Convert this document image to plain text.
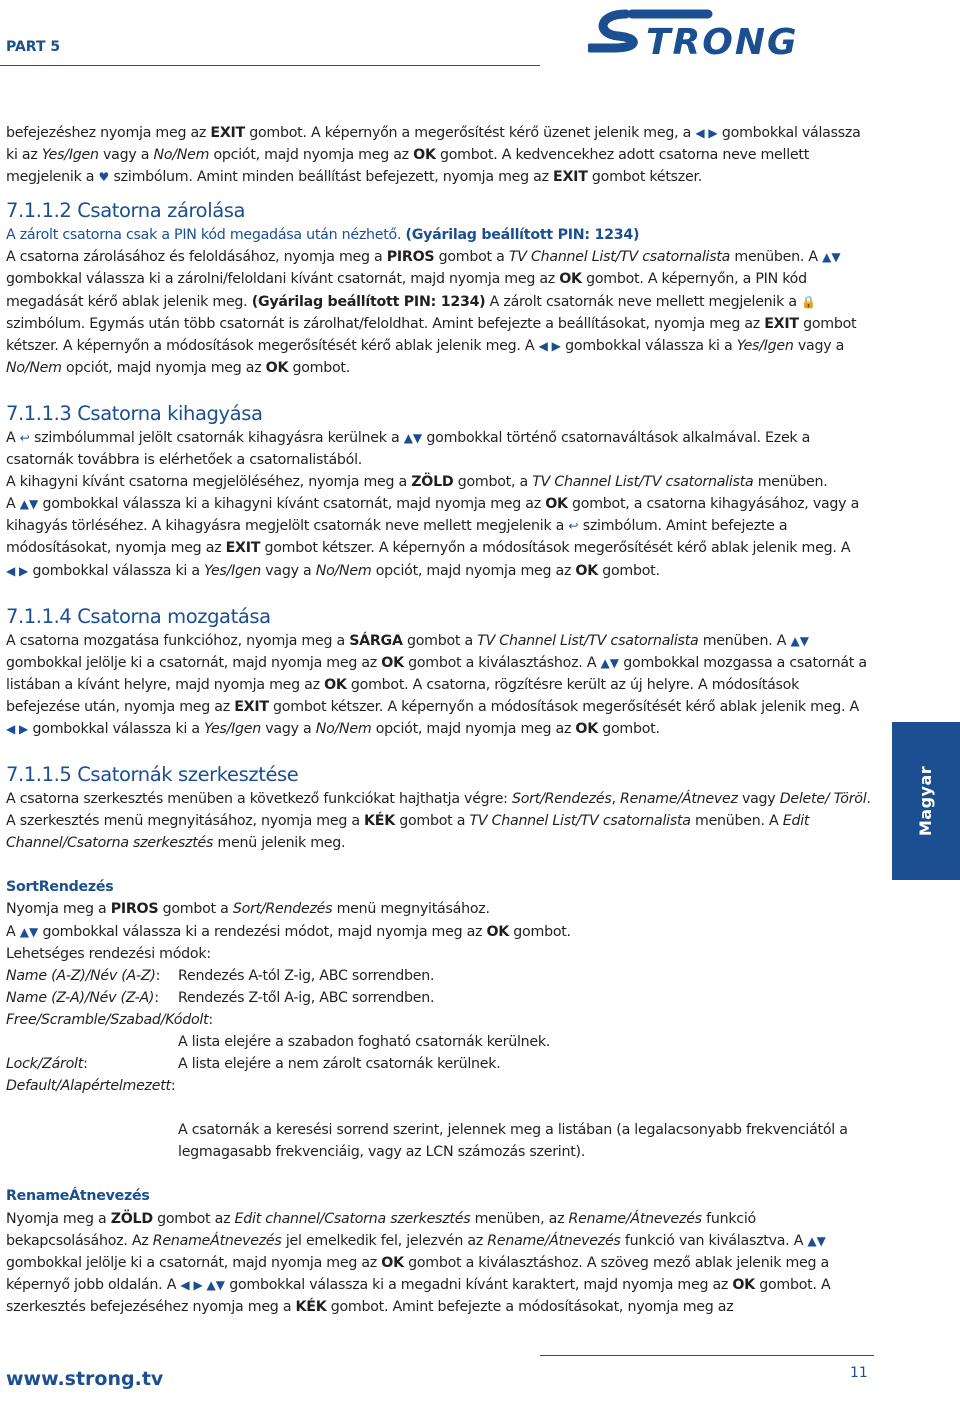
PART 5	TRONG

befejezéshez nyomja meg az EXIT gombot. A képernyőn a megerősítést kérő üzenet jelenik meg, a ◀ ▶ gombokkal válassza ki az Yes/Igen vagy a No/Nem opciót, majd nyomja meg az OK gombot. A kedvencekhez adott csatorna neve mellett megjelenik a ♥ szimbólum. Amint minden beállítást befejezett, nyomja meg az EXIT gombot kétszer.

7.1.1.2 Csatorna zárolása

A zárolt csatorna csak a PIN kód megadása után nézhető. (Gyárilag beállított PIN: 1234)

A csatorna zárolásához és feloldásához, nyomja meg a PIROS gombot a TV Channel List/TV csatornalista menüben. A ▲▼ gombokkal válassza ki a zárolni/feloldani kívánt csatornát, majd nyomja meg az OK gombot. A képernyőn, a PIN kód megadását kérő ablak jelenik meg. (Gyárilag beállított PIN: 1234) A zárolt csatornák neve mellett megjelenik a 🔒szimbólum. Egymás után több csatornát is zárolhat/feloldhat. Amint befejezte a beállításokat, nyomja meg az EXIT gombot kétszer. A képernyőn a módosítások megerősítését kérő ablak jelenik meg. A ◀ ▶ gombokkal válassza ki a Yes/Igen vagy a No/Nem opciót, majd nyomja meg az OK gombot.

7.1.1.3 Csatorna kihagyása

A ↩ szimbólummal jelölt csatornák kihagyásra kerülnek a ▲▼ gombokkal történő csatornaváltások alkalmával. Ezek a csatornák továbbra is elérhetőek a csatornalistából.

A kihagyni kívánt csatorna megjelöléséhez, nyomja meg a ZÖLD gombot, a TV Channel List/TV csatornalista menüben.

A ▲▼ gombokkal válassza ki a kihagyni kívánt csatornát, majd nyomja meg az OK gombot, a csatorna kihagyásához, vagy a kihagyás törléséhez. A kihagyásra megjelölt csatornák neve mellett megjelenik a ↩ szimbólum. Amint befejezte a módosításokat, nyomja meg az EXIT gombot kétszer. A képernyőn a módosítások megerősítését kérő ablak jelenik meg. A ◀ ▶ gombokkal válassza ki a Yes/Igen vagy a No/Nem opciót, majd nyomja meg az OK gombot.

7.1.1.4 Csatorna mozgatása

A csatorna mozgatása funkcióhoz, nyomja meg a SÁRGA gombot a TV Channel List/TV csatornalista menüben. A ▲▼ gombokkal jelölje ki a csatornát, majd nyomja meg az OK gombot a kiválasztáshoz. A ▲▼ gombokkal mozgassa a csatornát a listában a kívánt helyre, majd nyomja meg az OK gombot. A csatorna, rögzítésre került az új helyre. A módosítások befejezése után, nyomja meg az EXIT gombot kétszer. A képernyőn a módosítások megerősítését kérő ablak jelenik meg. A ◀ ▶ gombokkal válassza ki a Yes/Igen vagy a No/Nem opciót, majd nyomja meg az OK gombot.

7.1.1.5 Csatornák szerkesztése

A csatorna szerkesztés menüben a következő funkciókat hajthatja végre: Sort/Rendezés, Rename/Átnevez vagy Delete/ Töröl. A szerkesztés menü megnyitásához, nyomja meg a KÉK gombot a TV Channel List/TV csatornalista menüben. A Edit Channel/Csatorna szerkesztés menü jelenik meg.

SortRendezés

Nyomja meg a PIROS gombot a Sort/Rendezés menü megnyitásához.

A ▲▼ gombokkal válassza ki a rendezési módot, majd nyomja meg az OK gombot.

Lehetséges rendezési módok:

Name (A-Z)/Név (A-Z):	Rendezés A-tól Z-ig, ABC sorrendben.
Name (Z-A)/Név (Z-A):	Rendezés Z-től A-ig, ABC sorrendben.

Free/Scramble/Szabad/Kódolt:

A lista elejére a szabadon fogható csatornák kerülnek.

Lock/Zárolt:	A lista elejére a nem zárolt csatornák kerülnek.

Default/Alapértelmezett:

A csatornák a keresési sorrend szerint, jelennek meg a listában (a legalacsonyabb frekvenciától a legmagasabb frekvenciáig, vagy az LCN számozás szerint).

RenameÁtnevezés

Nyomja meg a ZÖLD gombot az Edit channel/Csatorna szerkesztés menüben, az Rename/Átnevezés funkció bekapcsolásához. Az RenameÁtnevezés jel emelkedik fel, jelezvén az Rename/Átnevezés funkció van kiválasztva. A ▲▼ gombokkal jelölje ki a csatornát, majd nyomja meg az OK gombot a kiválasztáshoz. A szöveg mező ablak jelenik meg a képernyő jobb oldalán. A ◀ ▶ ▲▼ gombokkal válassza ki a megadni kívánt karaktert, majd nyomja meg az OK gombot. A szerkesztés befejezéséhez nyomja meg a KÉK gombot. Amint befejezte a módosításokat, nyomja meg az

Magyar
www.strong.tv	11
